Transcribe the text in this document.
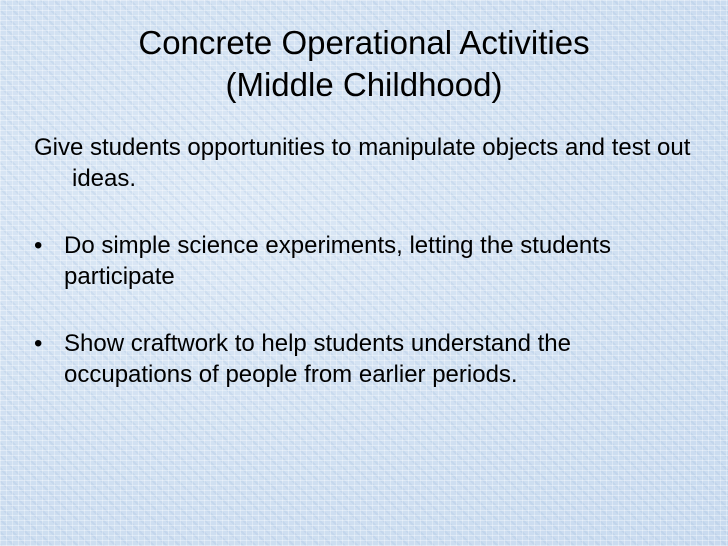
Concrete Operational Activities
(Middle Childhood)

Give students opportunities to manipulate objects and test out ideas.

• Do simple science experiments, letting the students participate

• Show craftwork to help students understand the occupations of people from earlier periods.
